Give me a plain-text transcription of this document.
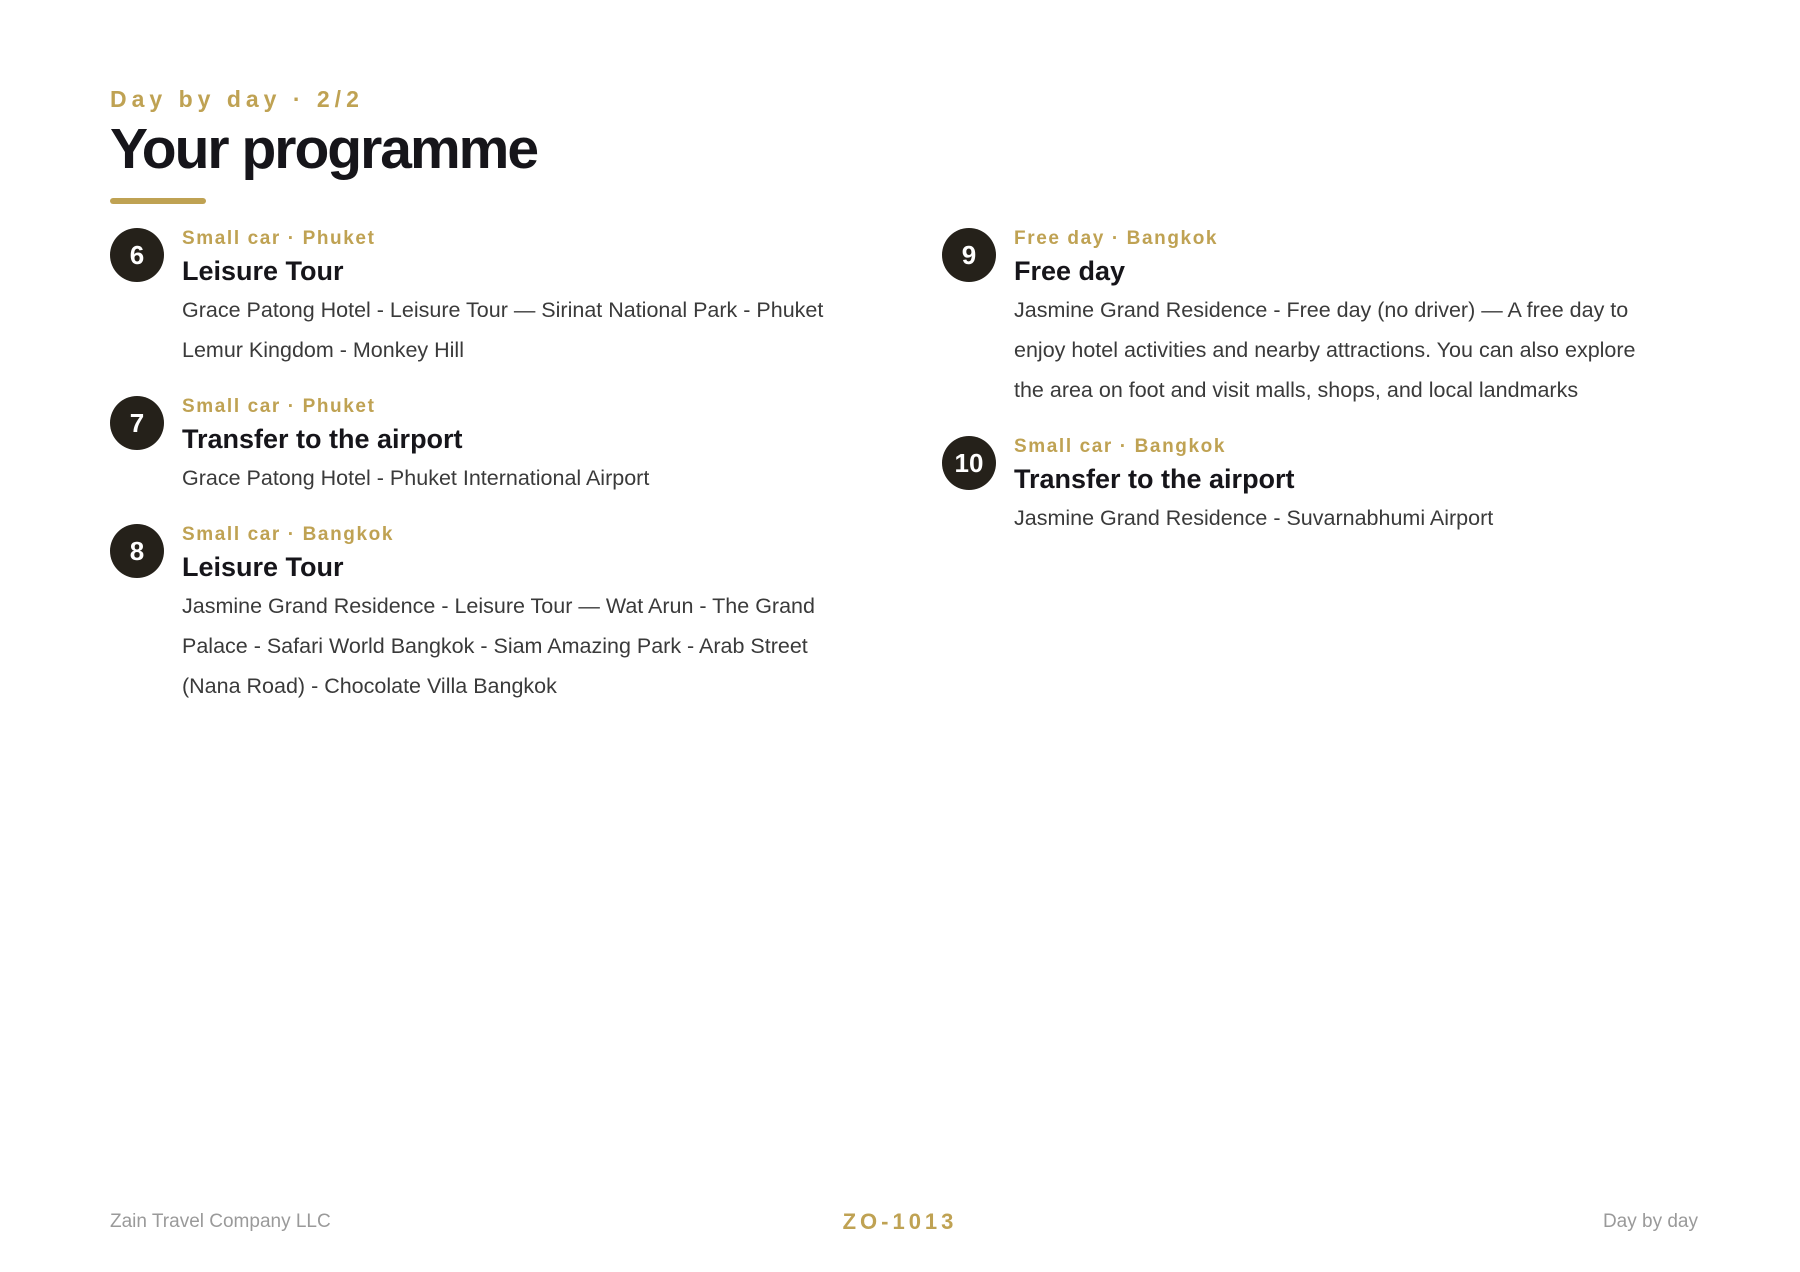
Day by day · 2/2
Your programme
6
Small car · Phuket
Leisure Tour

Grace Patong Hotel - Leisure Tour — Sirinat National Park - Phuket Lemur Kingdom - Monkey Hill

7
Small car · Phuket
Transfer to the airport

Grace Patong Hotel - Phuket International Airport

8
Small car · Bangkok
Leisure Tour

Jasmine Grand Residence - Leisure Tour — Wat Arun - The Grand Palace - Safari World Bangkok - Siam Amazing Park - Arab Street (Nana Road) - Chocolate Villa Bangkok

9
Free day · Bangkok
Free day

Jasmine Grand Residence - Free day (no driver) — A free day to enjoy hotel activities and nearby attractions. You can also explore the area on foot and visit malls, shops, and local landmarks

10
Small car · Bangkok
Transfer to the airport

Jasmine Grand Residence - Suvarnabhumi Airport

ZO-1013
Zain Travel Company LLC	Day by day
